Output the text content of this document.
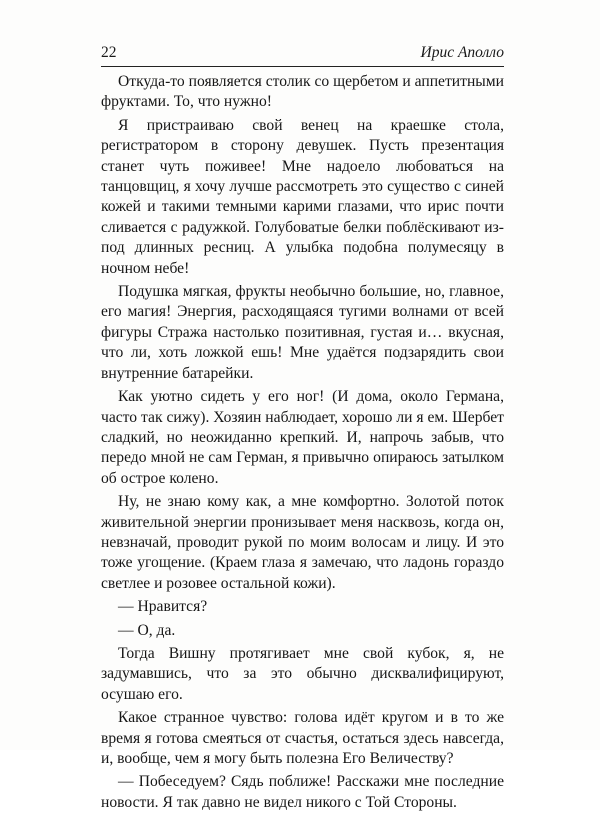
22	Ирис Аполло

Откуда-то появляется столик со щербетом и аппетитными фруктами. То, что нужно!

Я пристраиваю свой венец на краешке стола, регистратором в сторону девушек. Пусть презентация станет чуть поживее! Мне надоело любоваться на танцовщиц, я хочу лучше рассмотреть это существо с синей кожей и такими темными карими глазами, что ирис почти сливается с радужкой. Голубоватые белки поблёскивают из-под длинных ресниц. А улыбка подобна полумесяцу в ночном небе!

Подушка мягкая, фрукты необычно большие, но, главное, его магия! Энергия, расходящаяся тугими волнами от всей фигуры Стража настолько позитивная, густая и… вкусная, что ли, хоть ложкой ешь! Мне удаётся подзарядить свои внутренние батарейки.

Как уютно сидеть у его ног! (И дома, около Германа, часто так сижу). Хозяин наблюдает, хорошо ли я ем. Шербет сладкий, но неожиданно крепкий. И, напрочь забыв, что передо мной не сам Герман, я привычно опираюсь затылком об острое колено.

Ну, не знаю кому как, а мне комфортно. Золотой поток живительной энергии пронизывает меня насквозь, когда он, невзначай, проводит рукой по моим волосам и лицу. И это тоже угощение. (Краем глаза я замечаю, что ладонь гораздо светлее и розовее остальной кожи).

— Нравится?

— О, да.

Тогда Вишну протягивает мне свой кубок, я, не задумавшись, что за это обычно дисквалифицируют, осушаю его.

Какое странное чувство: голова идёт кругом и в то же время я готова смеяться от счастья, остаться здесь навсегда, и, вообще, чем я могу быть полезна Его Величеству?

— Побеседуем? Сядь поближе! Расскажи мне последние новости. Я так давно не видел никого с Той Стороны.
